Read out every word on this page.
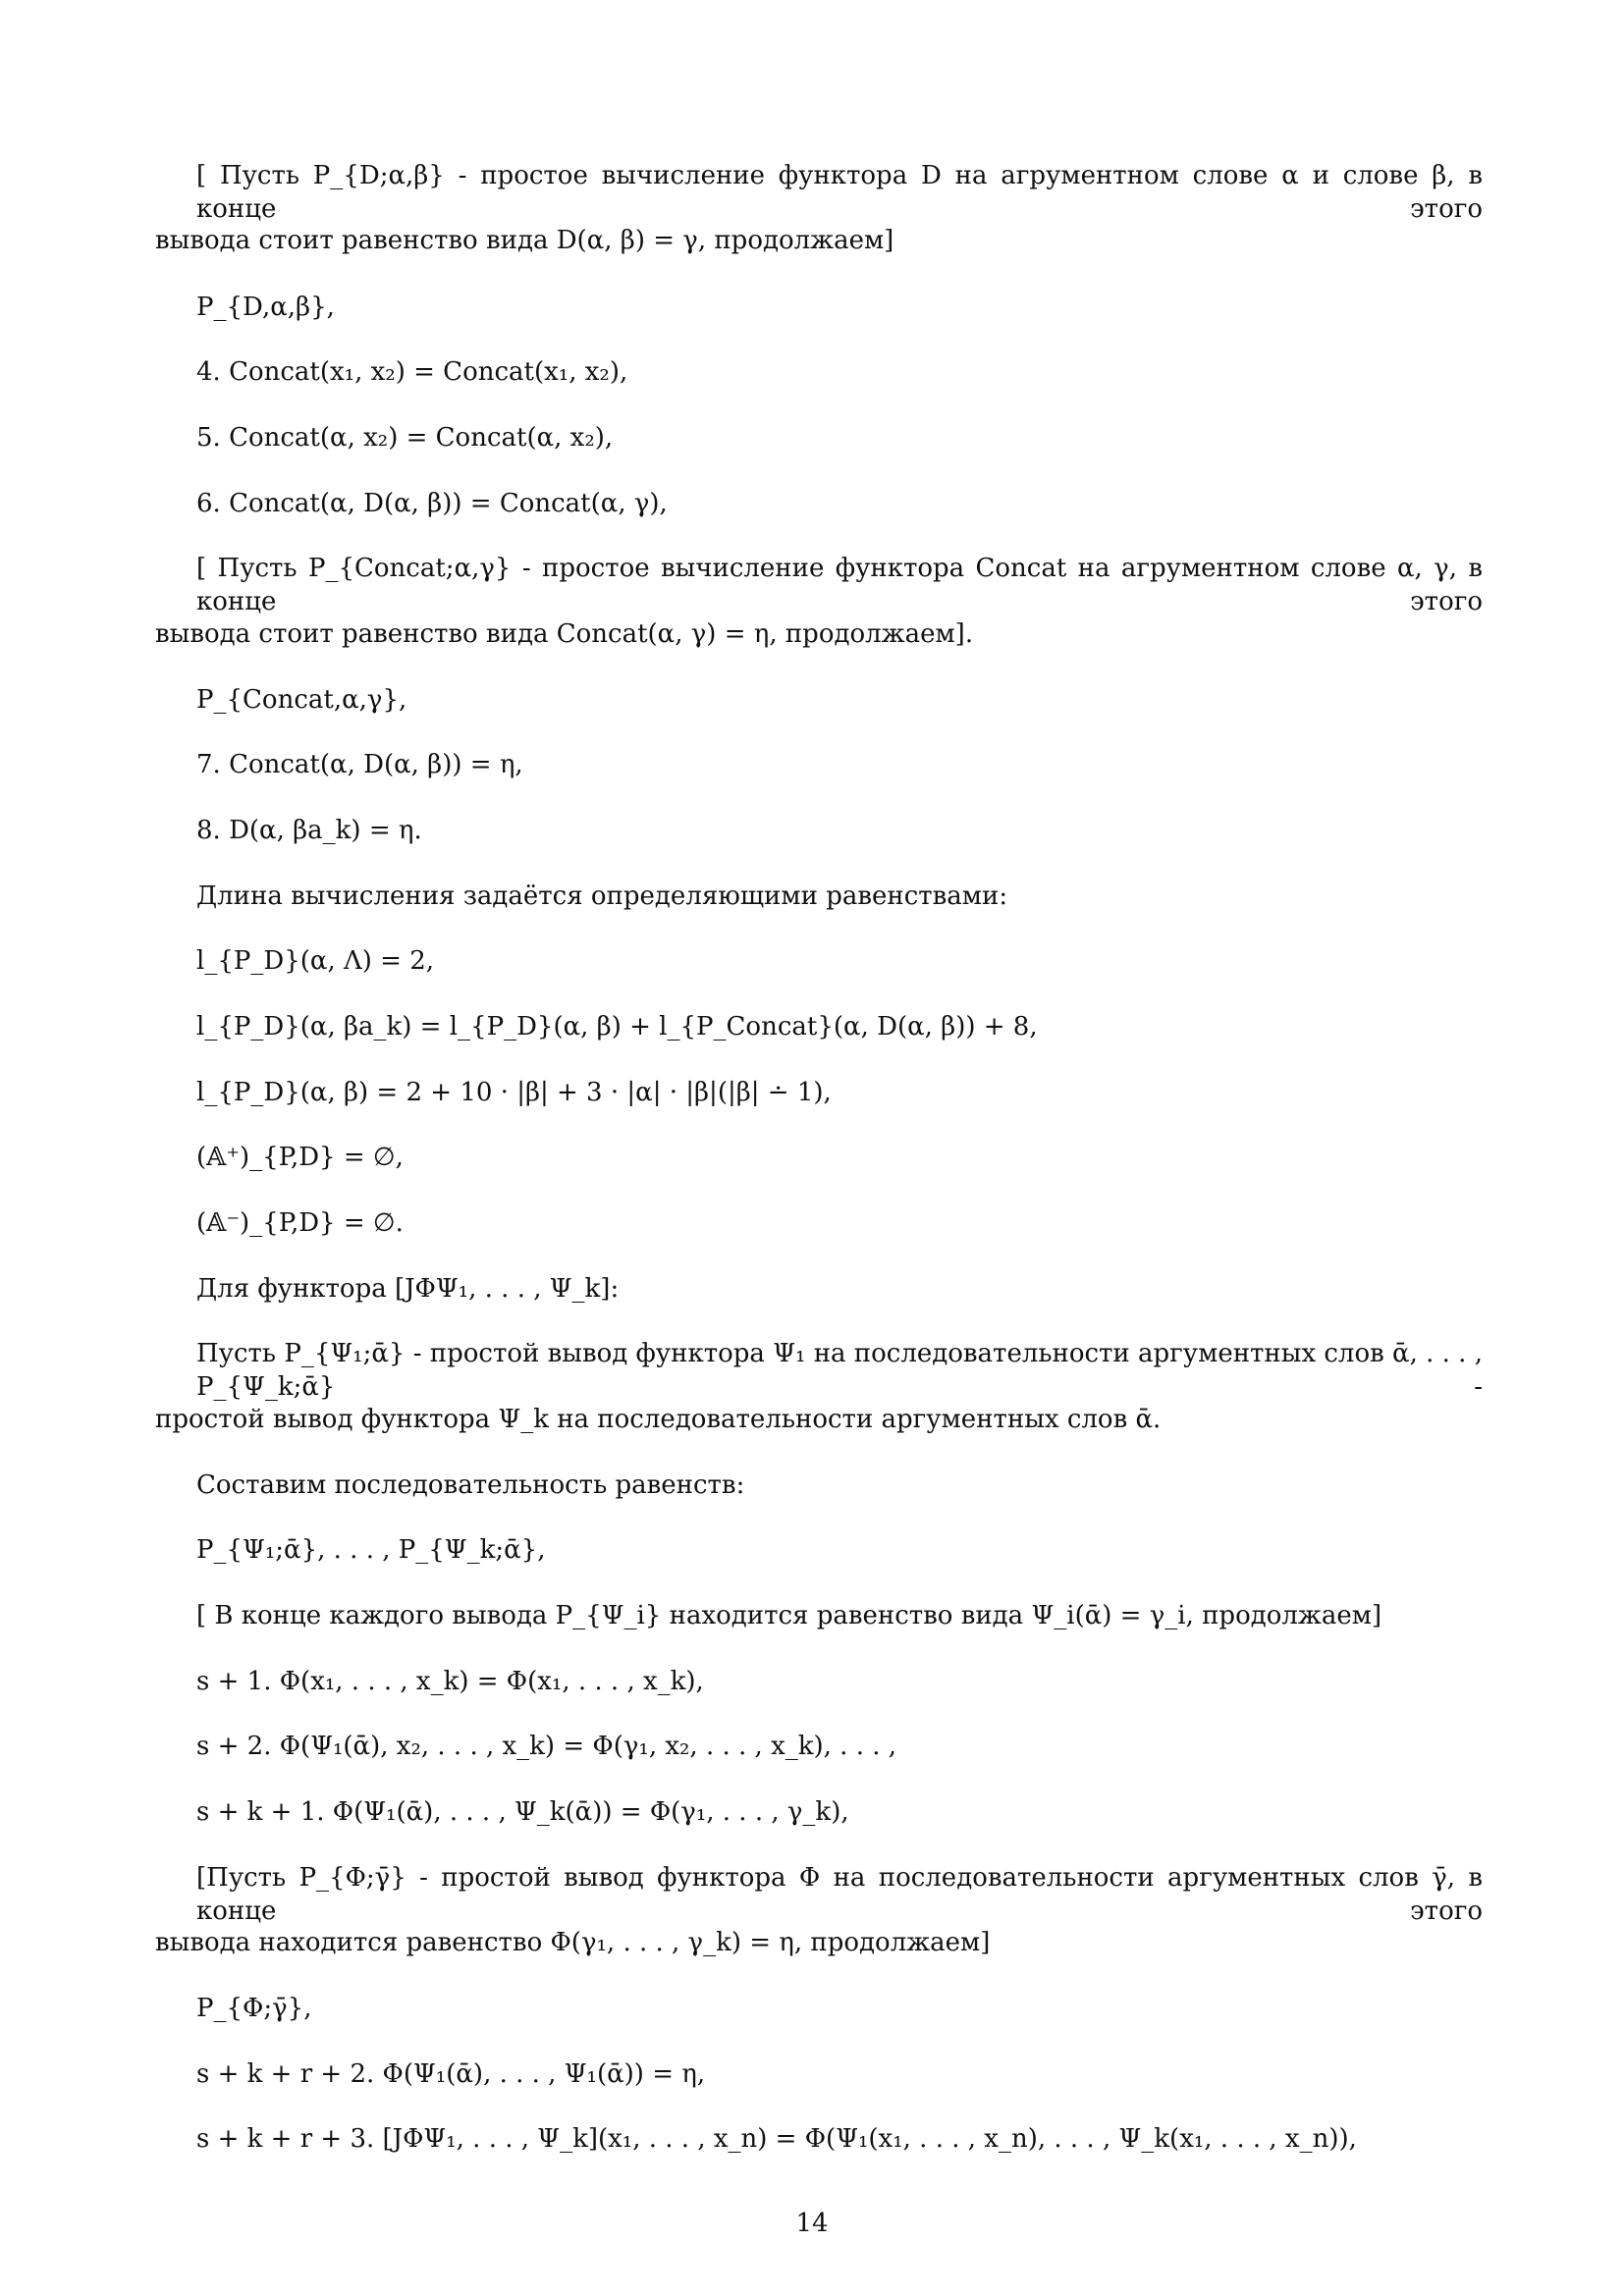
[ Пусть P_{D;α,β} - простое вычисление функтора D на агрументном слове α и слове β, в конце этого
вывода стоит равенство вида D(α, β) = γ, продолжаем]
P_{D,α,β},
4. Concat(x₁, x₂) = Concat(x₁, x₂),
5. Concat(α, x₂) = Concat(α, x₂),
6. Concat(α, D(α, β)) = Concat(α, γ),
[ Пусть P_{Concat;α,γ} - простое вычисление функтора Concat на агрументном слове α, γ, в конце этого
вывода стоит равенство вида Concat(α, γ) = η, продолжаем].
P_{Concat,α,γ},
7. Concat(α, D(α, β)) = η,
8. D(α, βa_k) = η.
Длина вычисления задаётся определяющими равенствами:
l_{P_D}(α, Λ) = 2,
l_{P_D}(α, βa_k) = l_{P_D}(α, β) + l_{P_Concat}(α, D(α, β)) + 8,
l_{P_D}(α, β) = 2 + 10 · |β| + 3 · |α| · |β|(|β| ∸ 1),
(𝔸⁺)_{P,D} = ∅,
(𝔸⁻)_{P,D} = ∅.
Для функтора [JΦΨ₁, . . . , Ψ_k]:
Пусть P_{Ψ₁;ᾱ} - простой вывод функтора Ψ₁ на последовательности аргументных слов ᾱ, . . . , P_{Ψ_k;ᾱ} -
простой вывод функтора Ψ_k на последовательности аргументных слов ᾱ.
Составим последовательность равенств:
P_{Ψ₁;ᾱ}, . . . , P_{Ψ_k;ᾱ},
[ В конце каждого вывода P_{Ψ_i} находится равенство вида Ψ_i(ᾱ) = γ_i, продолжаем]
s + 1. Φ(x₁, . . . , x_k) = Φ(x₁, . . . , x_k),
s + 2. Φ(Ψ₁(ᾱ), x₂, . . . , x_k) = Φ(γ₁, x₂, . . . , x_k), . . . ,
s + k + 1. Φ(Ψ₁(ᾱ), . . . , Ψ_k(ᾱ)) = Φ(γ₁, . . . , γ_k),
[Пусть P_{Φ;γ̄} - простой вывод функтора Φ на последовательности аргументных слов γ̄, в конце этого
вывода находится равенство Φ(γ₁, . . . , γ_k) = η, продолжаем]
P_{Φ;γ̄},
s + k + r + 2. Φ(Ψ₁(ᾱ), . . . , Ψ₁(ᾱ)) = η,
s + k + r + 3. [JΦΨ₁, . . . , Ψ_k](x₁, . . . , x_n) = Φ(Ψ₁(x₁, . . . , x_n), . . . , Ψ_k(x₁, . . . , x_n)),
14
